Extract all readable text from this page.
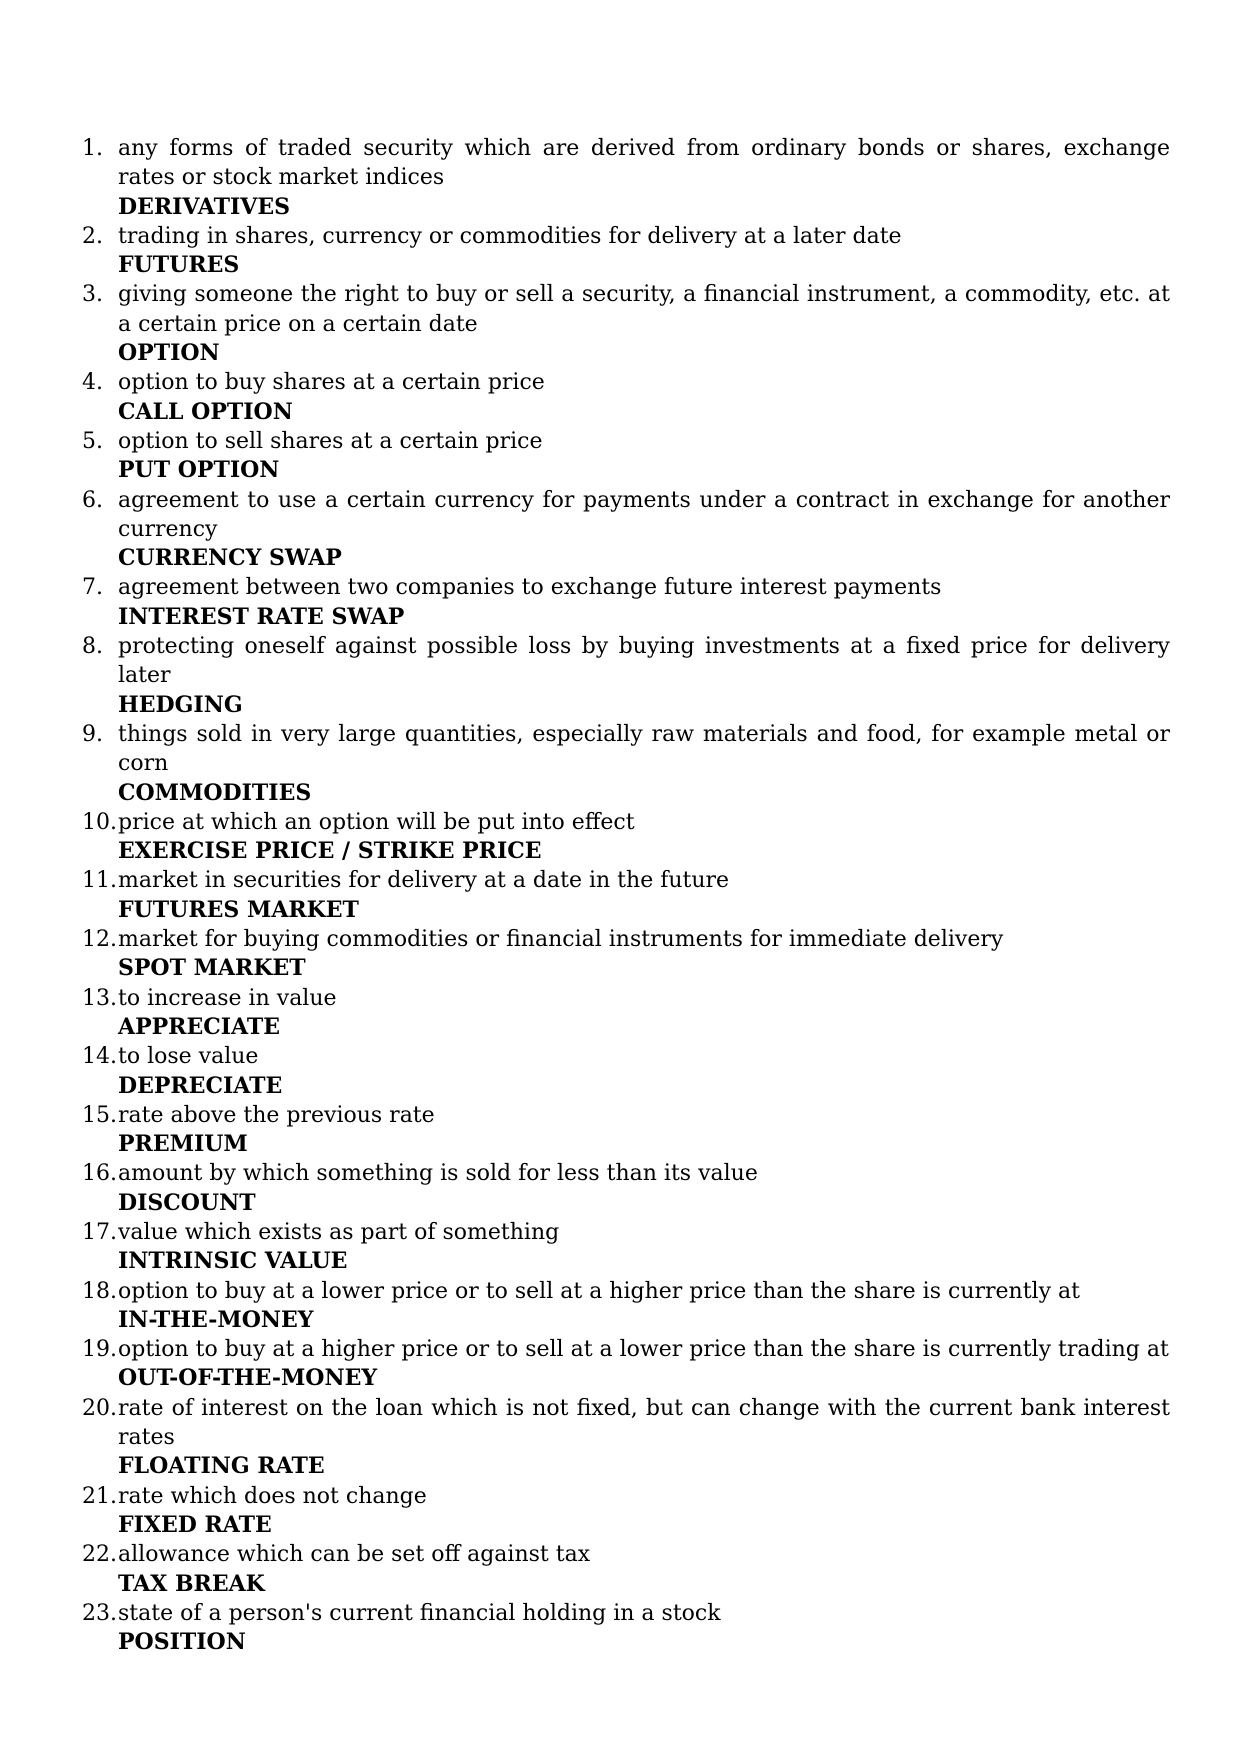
1. any forms of traded security which are derived from ordinary bonds or shares, exchange rates or stock market indices
DERIVATIVES
2. trading in shares, currency or commodities for delivery at a later date
FUTURES
3. giving someone the right to buy or sell a security, a financial instrument, a commodity, etc. at a certain price on a certain date
OPTION
4. option to buy shares at a certain price
CALL OPTION
5. option to sell shares at a certain price
PUT OPTION
6. agreement to use a certain currency for payments under a contract in exchange for another currency
CURRENCY SWAP
7. agreement between two companies to exchange future interest payments
INTEREST RATE SWAP
8. protecting oneself against possible loss by buying investments at a fixed price for delivery later
HEDGING
9. things sold in very large quantities, especially raw materials and food, for example metal or corn
COMMODITIES
10. price at which an option will be put into effect
EXERCISE PRICE / STRIKE PRICE
11. market in securities for delivery at a date in the future
FUTURES MARKET
12. market for buying commodities or financial instruments for immediate delivery
SPOT MARKET
13. to increase in value
APPRECIATE
14. to lose value
DEPRECIATE
15. rate above the previous rate
PREMIUM
16. amount by which something is sold for less than its value
DISCOUNT
17. value which exists as part of something
INTRINSIC VALUE
18. option to buy at a lower price or to sell at a higher price than the share is currently at
IN-THE-MONEY
19. option to buy at a higher price or to sell at a lower price than the share is currently trading at
OUT-OF-THE-MONEY
20. rate of interest on the loan which is not fixed, but can change with the current bank interest rates
FLOATING RATE
21. rate which does not change
FIXED RATE
22. allowance which can be set off against tax
TAX BREAK
23. state of a person's current financial holding in a stock
POSITION
